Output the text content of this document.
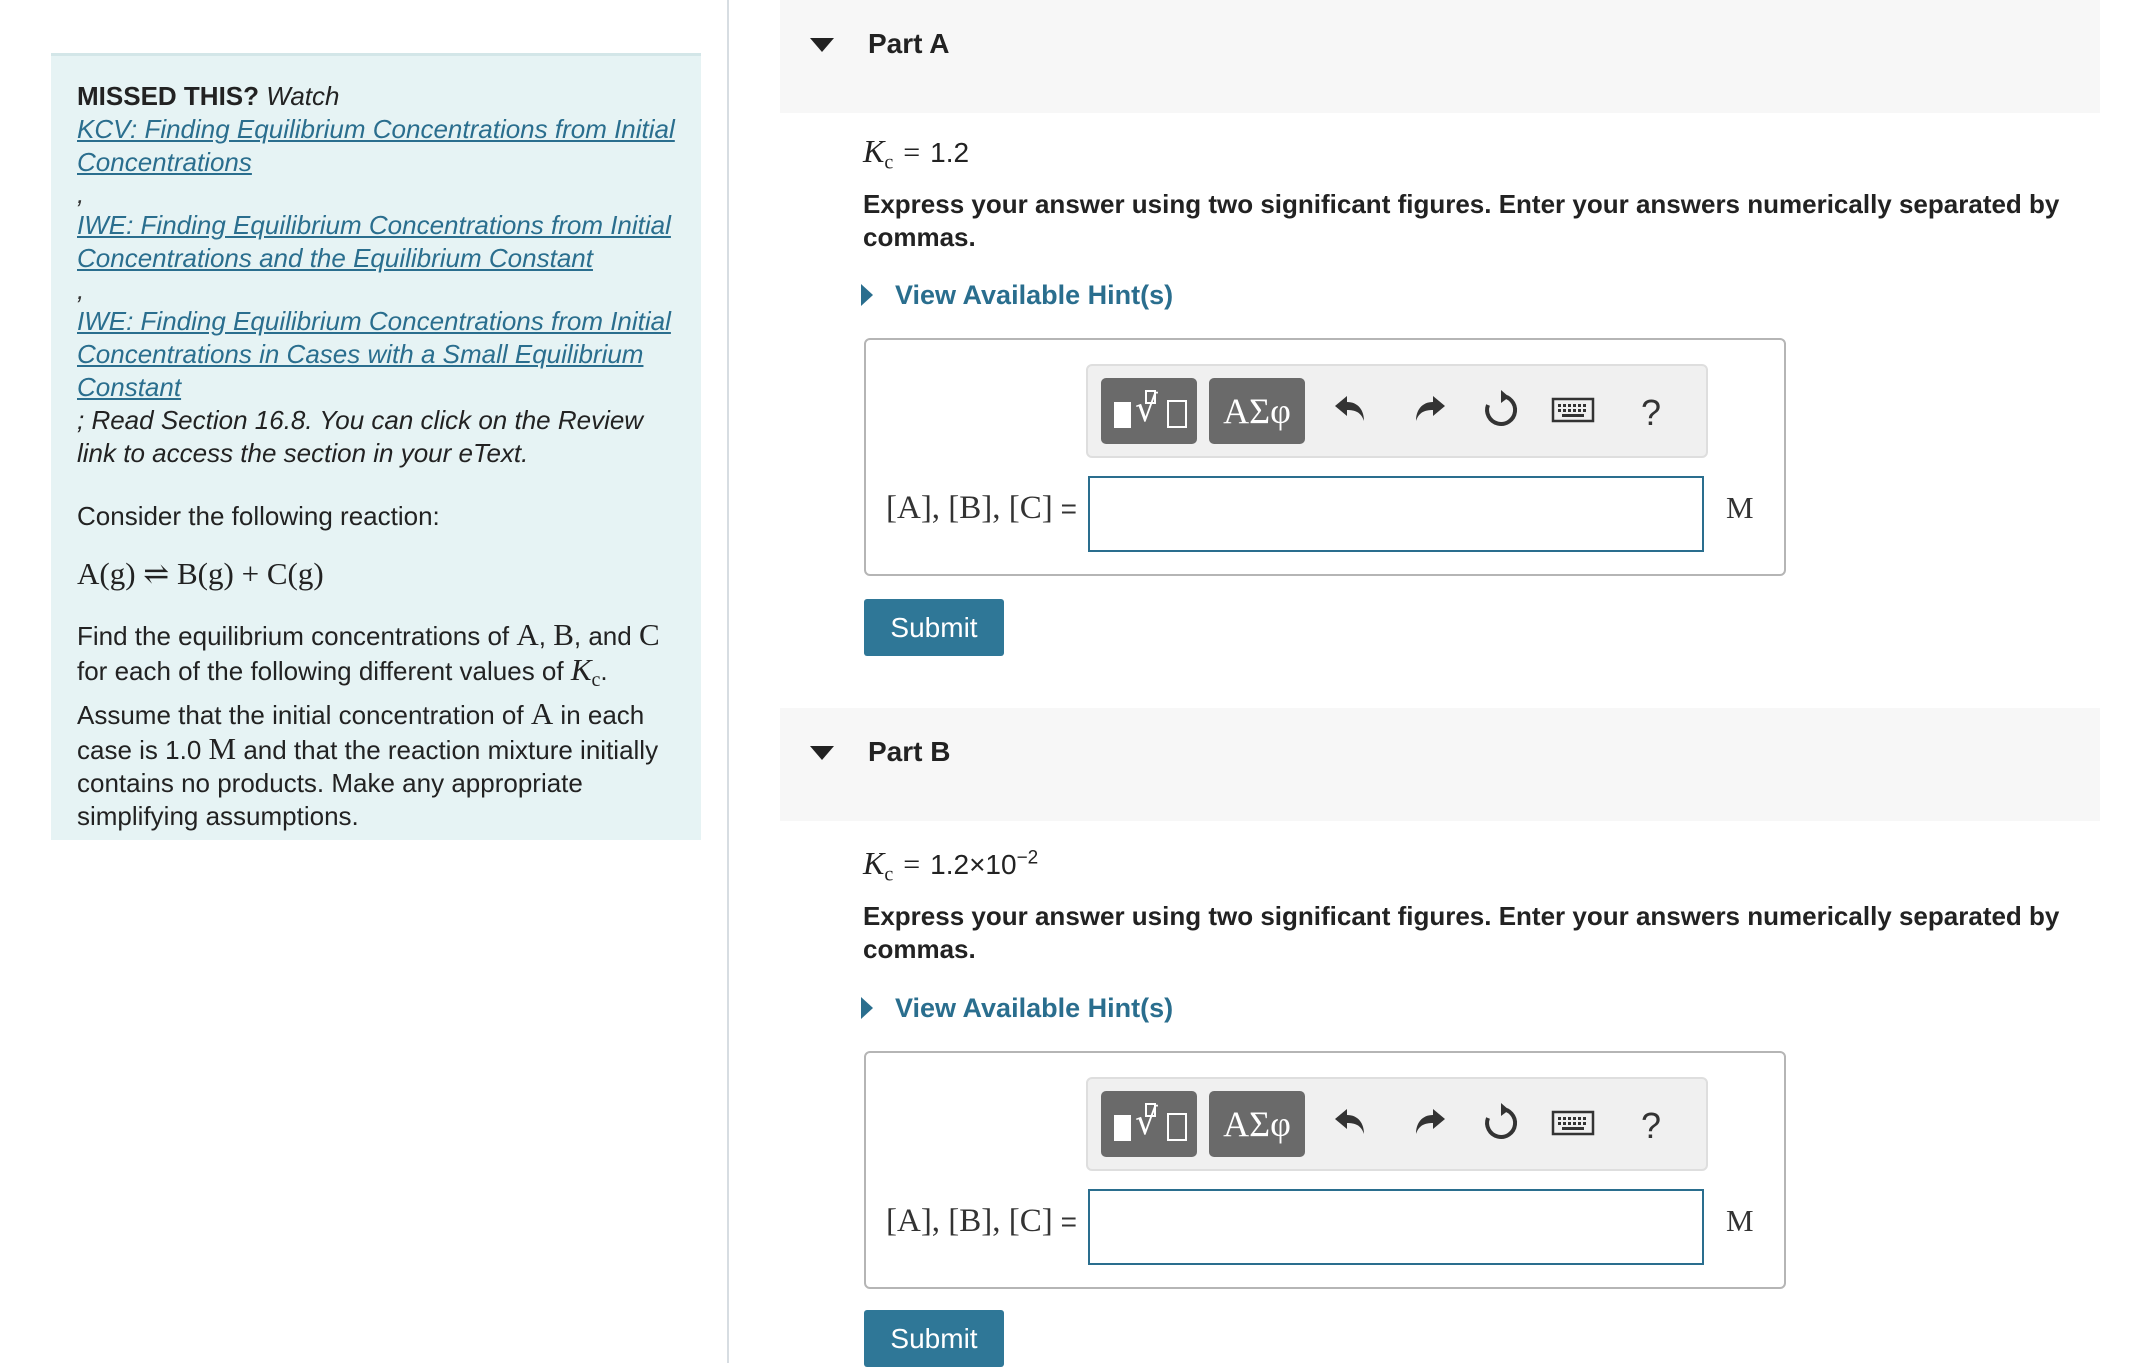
MISSED THIS? Watch

KCV: Finding Equilibrium Concentrations from Initial Concentrations

,

IWE: Finding Equilibrium Concentrations from Initial Concentrations and the Equilibrium Constant

,

IWE: Finding Equilibrium Concentrations from Initial Concentrations in Cases with a Small Equilibrium Constant

; Read Section 16.8. You can click on the Review link to access the section in your eText.

Consider the following reaction:

A(g) ⇌ B(g) + C(g)

Find the equilibrium concentrations of A, B, and C for each of the following different values of $K_c$. Assume that the initial concentration of A in each case is 1.0 M and that the reaction mixture initially contains no products. Make any appropriate simplifying assumptions.

Part A
$K_c = 1.2$
Express your answer using two significant figures. Enter your answers numerically separated by commas.
View Available Hint(s)
√	ΑΣφ	?
[A], [B], [C] =	M
Submit
Part B
$K_c = 1.2\times 10^{-2}$
Express your answer using two significant figures. Enter your answers numerically separated by commas.
View Available Hint(s)
√	ΑΣφ	?
[A], [B], [C] =	M
Submit
